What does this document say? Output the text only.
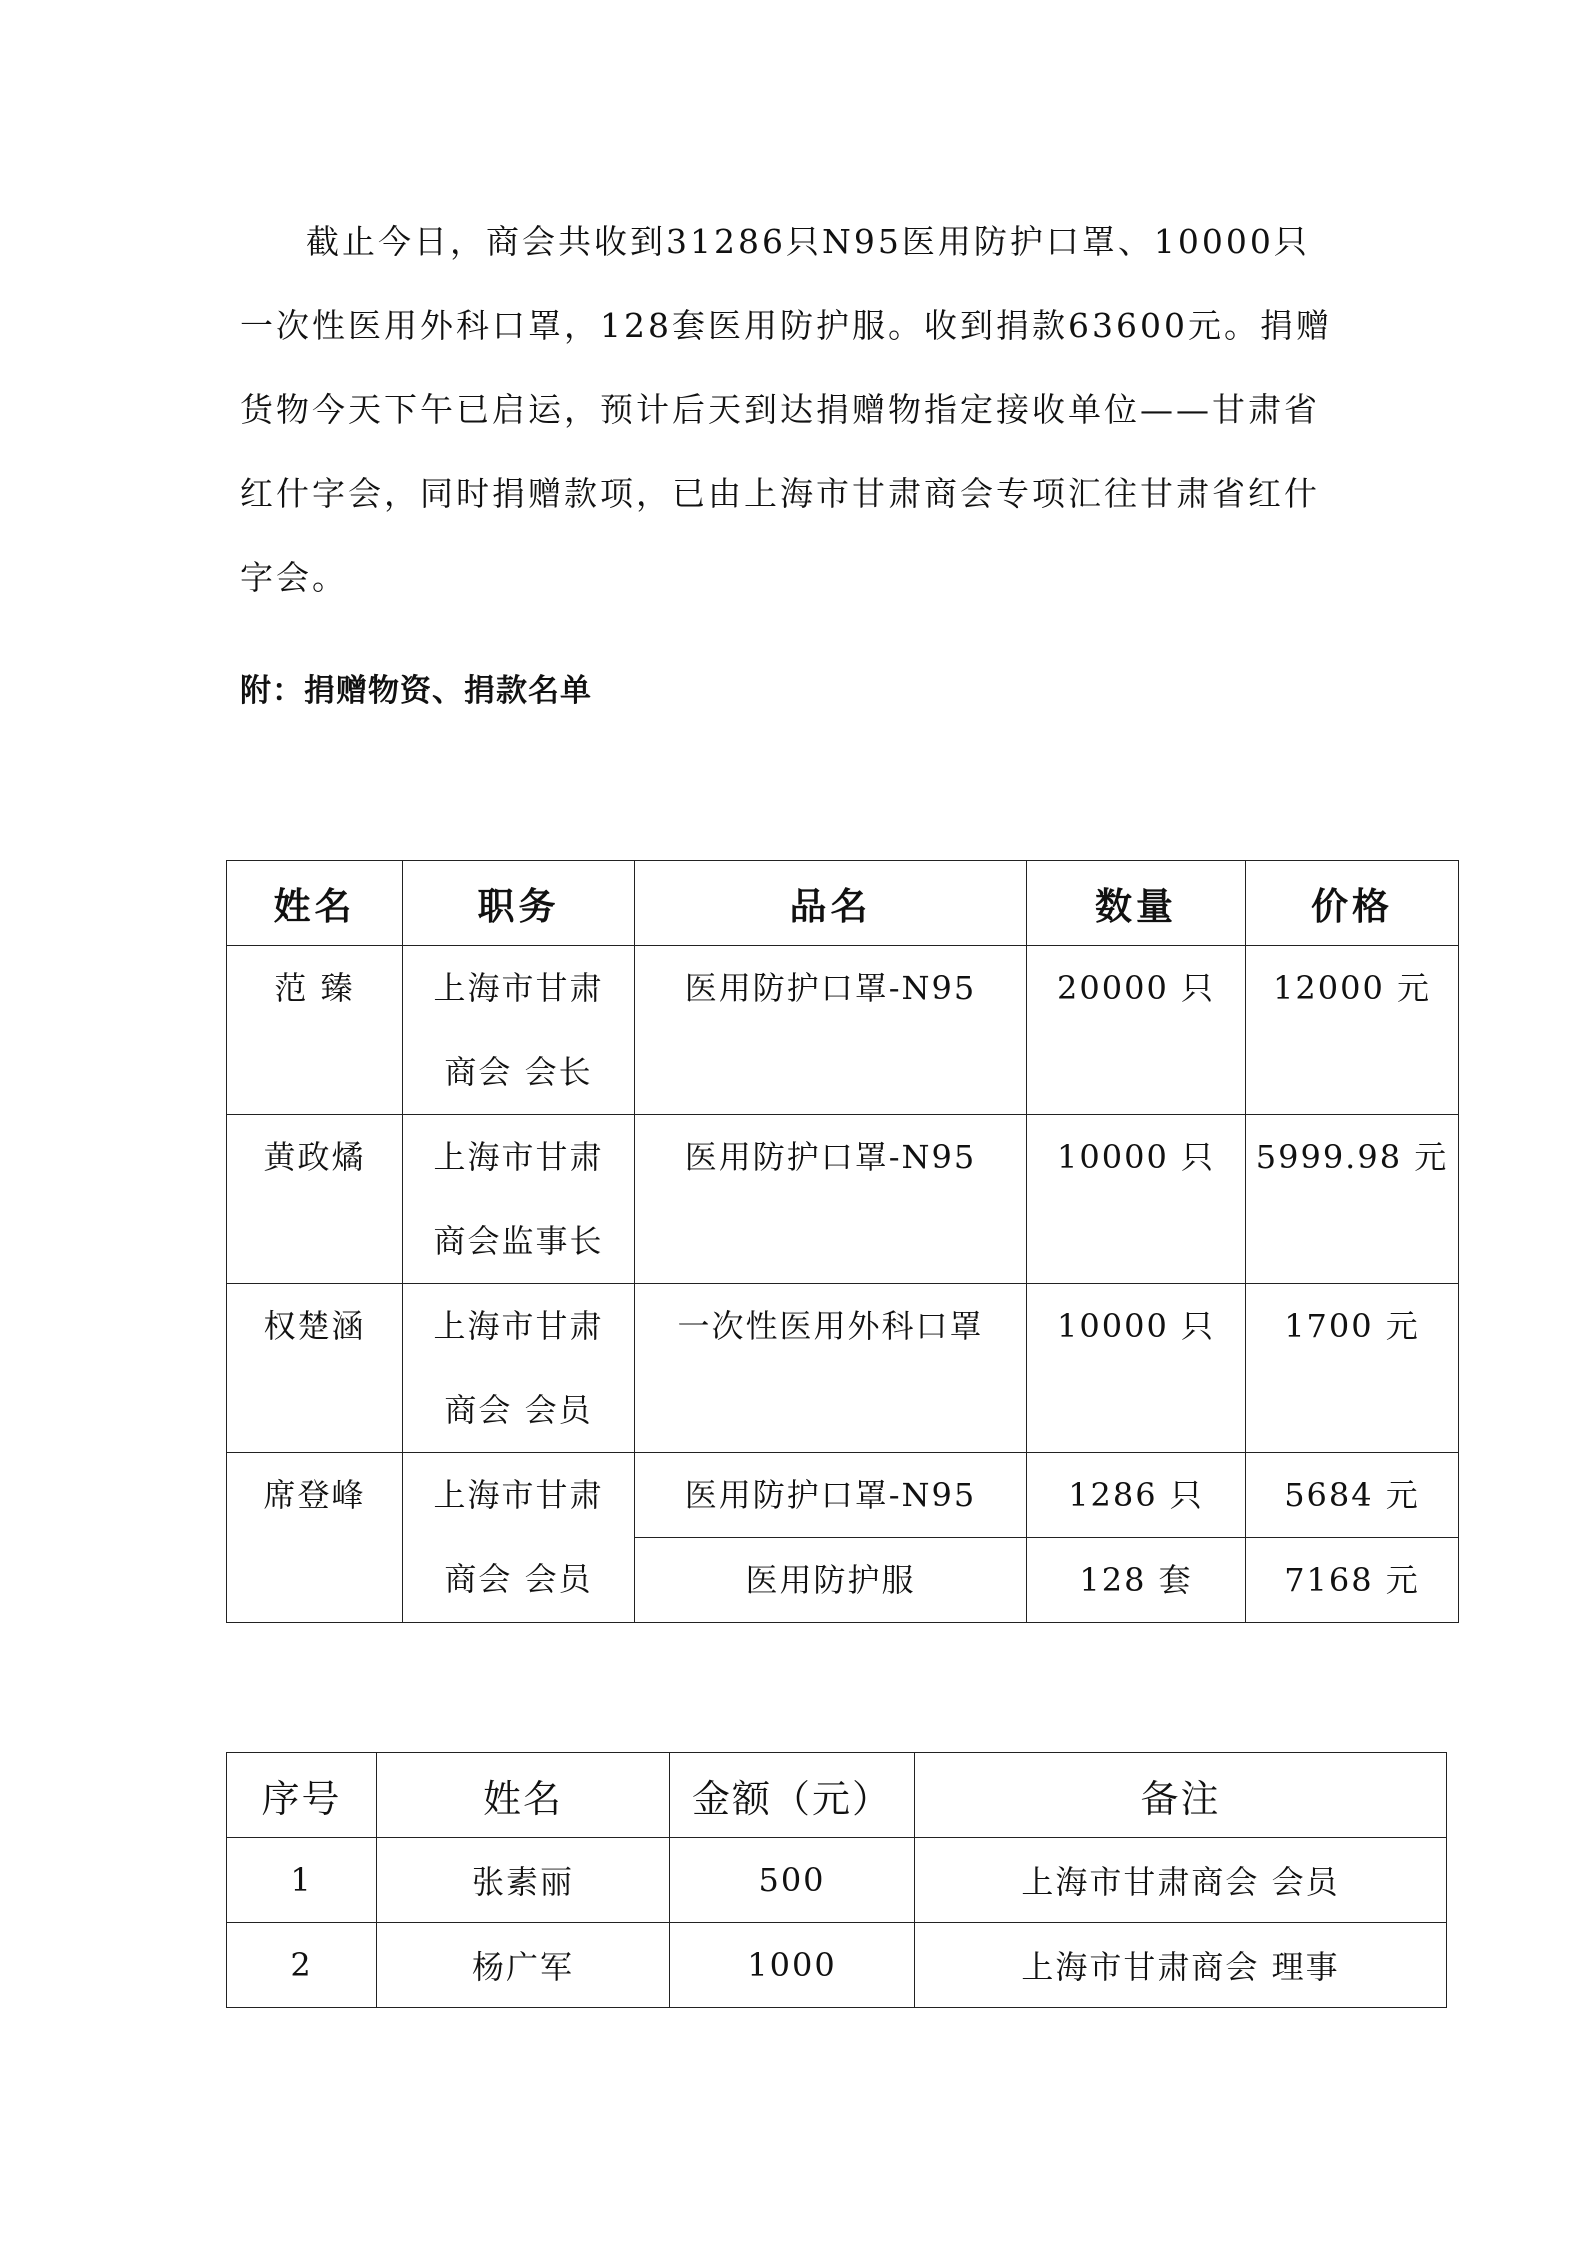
截止今日，商会共收到31286只N95医用防护口罩、10000只一次性医用外科口罩，128套医用防护服。收到捐款63600元。捐赠货物今天下午已启运，预计后天到达捐赠物指定接收单位——甘肃省红什字会，同时捐赠款项，已由上海市甘肃商会专项汇往甘肃省红什字会。

附：捐赠物资、捐款名单

姓名	职务	品名	数量	价格

范 臻	上海市甘肃商会 会长	医用防护口罩-N95	20000 只	12000 元

黄政燏	上海市甘肃商会监事长	医用防护口罩-N95	10000 只	5999.98 元

权楚涵	上海市甘肃商会 会员	一次性医用外科口罩	10000 只	1700 元

席登峰	上海市甘肃商会 会员	医用防护口罩-N95	1286 只	5684 元

		医用防护服	128 套	7168 元
序号	姓名	金额（元）	备注
1	张素丽	500	上海市甘肃商会 会员
2	杨广军	1000	上海市甘肃商会 理事
